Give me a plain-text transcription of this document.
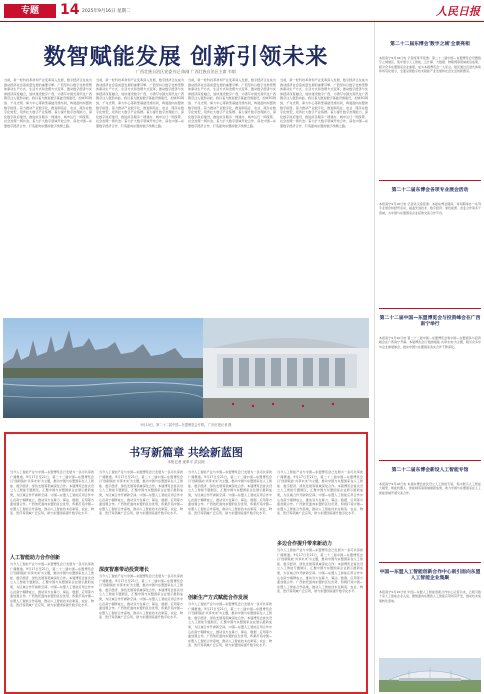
专题	14 2025年9月16日 星期二	人民日报
数智赋能发展 创新引领未来
广西壮族自治区党委书记 陈刚 广西壮族自治区主席 韦韬
当前，新一轮科技革命和产业变革深入发展，数字经济正在成为推动经济社会高质量发展的重要引擎。广西坚持以数字化转型整体驱动生产方式、生活方式和治理方式变革，推动数字经济与实体经济深度融合，加快建设数字广西，为谱写中国式现代化广西篇章注入强劲动能。我们着力推进数字基础设施建设，加快5G网络、千兆光网、算力中心等新型基础设施布局，构建面向东盟的数字枢纽。着力推动产业数字化，推进制造业、农业、服务业数字化转型，培育壮大数字产业集群。着力提升数字治理能力，深化数字政府建设，推进政务服务一网通办、城市运行一网统管、社会治理一网共治。着力扩大数字领域开放合作，深化中国—东盟数字经济合作，打造面向东盟的数字丝绸之路。
当前，新一轮科技革命和产业变革深入发展，数字经济正在成为推动经济社会高质量发展的重要引擎。广西坚持以数字化转型整体驱动生产方式、生活方式和治理方式变革，推动数字经济与实体经济深度融合，加快建设数字广西，为谱写中国式现代化广西篇章注入强劲动能。我们着力推进数字基础设施建设，加快5G网络、千兆光网、算力中心等新型基础设施布局，构建面向东盟的数字枢纽。着力推动产业数字化，推进制造业、农业、服务业数字化转型，培育壮大数字产业集群。着力提升数字治理能力，深化数字政府建设，推进政务服务一网通办、城市运行一网统管、社会治理一网共治。着力扩大数字领域开放合作，深化中国—东盟数字经济合作，打造面向东盟的数字丝绸之路。
当前，新一轮科技革命和产业变革深入发展，数字经济正在成为推动经济社会高质量发展的重要引擎。广西坚持以数字化转型整体驱动生产方式、生活方式和治理方式变革，推动数字经济与实体经济深度融合，加快建设数字广西，为谱写中国式现代化广西篇章注入强劲动能。我们着力推进数字基础设施建设，加快5G网络、千兆光网、算力中心等新型基础设施布局，构建面向东盟的数字枢纽。着力推动产业数字化，推进制造业、农业、服务业数字化转型，培育壮大数字产业集群。着力提升数字治理能力，深化数字政府建设，推进政务服务一网通办、城市运行一网统管、社会治理一网共治。着力扩大数字领域开放合作，深化中国—东盟数字经济合作，打造面向东盟的数字丝绸之路。
当前，新一轮科技革命和产业变革深入发展，数字经济正在成为推动经济社会高质量发展的重要引擎。广西坚持以数字化转型整体驱动生产方式、生活方式和治理方式变革，推动数字经济与实体经济深度融合，加快建设数字广西，为谱写中国式现代化广西篇章注入强劲动能。我们着力推进数字基础设施建设，加快5G网络、千兆光网、算力中心等新型基础设施布局，构建面向东盟的数字枢纽。着力推动产业数字化，推进制造业、农业、服务业数字化转型，培育壮大数字产业集群。着力提升数字治理能力，深化数字政府建设，推进政务服务一网通办、城市运行一网统管、社会治理一网共治。着力扩大数字领域开放合作，深化中国—东盟数字经济合作，打造面向东盟的数字丝绸之路。
9月14日，第二十二届中国—东盟博览会开幕。 广西日报记者 摄
书写新篇章 共绘新蓝图
本报记者 庞革平 武汉琼
当今人工智能产业与中国—东盟博览会已发展为一条可共享的广阔赛道。9月17日至21日，第二十二届中国—东盟博览会以'创新赋能·共享未来'为主题，推动中国与东盟国家在人工智能、数字经济、绿色发展等领域深化合作。本届博览会首次设立人工智能专题展区，汇聚中国与东盟国家企业展示最新成果，为区域合作开辟新空间。中国—东盟人工智能应用合作中心在南宁揭牌成立，推动双方在算力、算法、数据、应用等方面加强合作。广西依托面向东盟的区位优势，积极打造中国—东盟人工智能合作高地，推动人工智能技术在制造、农业、物流、医疗等领域广泛应用，助力东盟国家提升数字化水平。
人工智能助力合作创新
当今人工智能产业与中国—东盟博览会已发展为一条可共享的广阔赛道。9月17日至21日，第二十二届中国—东盟博览会以'创新赋能·共享未来'为主题，推动中国与东盟国家在人工智能、数字经济、绿色发展等领域深化合作。本届博览会首次设立人工智能专题展区，汇聚中国与东盟国家企业展示最新成果，为区域合作开辟新空间。中国—东盟人工智能应用合作中心在南宁揭牌成立，推动双方在算力、算法、数据、应用等方面加强合作。广西依托面向东盟的区位优势，积极打造中国—东盟人工智能合作高地，推动人工智能技术在制造、农业、物流、医疗等领域广泛应用，助力东盟国家提升数字化水平。
当今人工智能产业与中国—东盟博览会已发展为一条可共享的广阔赛道。9月17日至21日，第二十二届中国—东盟博览会以'创新赋能·共享未来'为主题，推动中国与东盟国家在人工智能、数字经济、绿色发展等领域深化合作。本届博览会首次设立人工智能专题展区，汇聚中国与东盟国家企业展示最新成果，为区域合作开辟新空间。中国—东盟人工智能应用合作中心在南宁揭牌成立，推动双方在算力、算法、数据、应用等方面加强合作。广西依托面向东盟的区位优势，积极打造中国—东盟人工智能合作高地，推动人工智能技术在制造、农业、物流、医疗等领域广泛应用，助力东盟国家提升数字化水平。
深度智惠带动投资增长
当今人工智能产业与中国—东盟博览会已发展为一条可共享的广阔赛道。9月17日至21日，第二十二届中国—东盟博览会以'创新赋能·共享未来'为主题，推动中国与东盟国家在人工智能、数字经济、绿色发展等领域深化合作。本届博览会首次设立人工智能专题展区，汇聚中国与东盟国家企业展示最新成果，为区域合作开辟新空间。中国—东盟人工智能应用合作中心在南宁揭牌成立，推动双方在算力、算法、数据、应用等方面加强合作。广西依托面向东盟的区位优势，积极打造中国—东盟人工智能合作高地，推动人工智能技术在制造、农业、物流、医疗等领域广泛应用，助力东盟国家提升数字化水平。
当今人工智能产业与中国—东盟博览会已发展为一条可共享的广阔赛道。9月17日至21日，第二十二届中国—东盟博览会以'创新赋能·共享未来'为主题，推动中国与东盟国家在人工智能、数字经济、绿色发展等领域深化合作。本届博览会首次设立人工智能专题展区，汇聚中国与东盟国家企业展示最新成果，为区域合作开辟新空间。中国—东盟人工智能应用合作中心在南宁揭牌成立，推动双方在算力、算法、数据、应用等方面加强合作。广西依托面向东盟的区位优势，积极打造中国—东盟人工智能合作高地，推动人工智能技术在制造、农业、物流、医疗等领域广泛应用，助力东盟国家提升数字化水平。
创新生产方式赋能合作发展
当今人工智能产业与中国—东盟博览会已发展为一条可共享的广阔赛道。9月17日至21日，第二十二届中国—东盟博览会以'创新赋能·共享未来'为主题，推动中国与东盟国家在人工智能、数字经济、绿色发展等领域深化合作。本届博览会首次设立人工智能专题展区，汇聚中国与东盟国家企业展示最新成果，为区域合作开辟新空间。中国—东盟人工智能应用合作中心在南宁揭牌成立，推动双方在算力、算法、数据、应用等方面加强合作。广西依托面向东盟的区位优势，积极打造中国—东盟人工智能合作高地，推动人工智能技术在制造、农业、物流、医疗等领域广泛应用，助力东盟国家提升数字化水平。
当今人工智能产业与中国—东盟博览会已发展为一条可共享的广阔赛道。9月17日至21日，第二十二届中国—东盟博览会以'创新赋能·共享未来'为主题，推动中国与东盟国家在人工智能、数字经济、绿色发展等领域深化合作。本届博览会首次设立人工智能专题展区，汇聚中国与东盟国家企业展示最新成果，为区域合作开辟新空间。中国—东盟人工智能应用合作中心在南宁揭牌成立，推动双方在算力、算法、数据、应用等方面加强合作。广西依托面向东盟的区位优势，积极打造中国—东盟人工智能合作高地，推动人工智能技术在制造、农业、物流、医疗等领域广泛应用，助力东盟国家提升数字化水平。
多边合作提升带来新动力
当今人工智能产业与中国—东盟博览会已发展为一条可共享的广阔赛道。9月17日至21日，第二十二届中国—东盟博览会以'创新赋能·共享未来'为主题，推动中国与东盟国家在人工智能、数字经济、绿色发展等领域深化合作。本届博览会首次设立人工智能专题展区，汇聚中国与东盟国家企业展示最新成果，为区域合作开辟新空间。中国—东盟人工智能应用合作中心在南宁揭牌成立，推动双方在算力、算法、数据、应用等方面加强合作。广西依托面向东盟的区位优势，积极打造中国—东盟人工智能合作高地，推动人工智能技术在制造、农业、物流、医疗等领域广泛应用，助力东盟国家提升数字化水平。
第二十二届东博会'数字之城'全景亮相
本报南宁9月16日电 记者庞革平报道：第二十二届中国—东盟博览会设置数字之城展区，集中展示人工智能、云计算、大数据、物联网等领域前沿成果，吸引众多东盟国家企业参展，成为本届博览会一大亮点。展区通过沉浸式体验和场景化展示，全面呈现数字技术赋能产业发展和社会生活的新图景。
第二十二届东博会各项专业展会活动
本报南宁9月16日电 记者武汉琼报道：本届东博会期间，将同期举办一系列专业展会和经贸活动，涵盖先进技术、数字经济、绿色能源、农业合作等多个领域，为中国与东盟国家企业搭建交流合作平台。
第二十二届中国—东盟博览会与投资峰会在广西南宁举行
本报南宁9月16日电 第二十二届中国—东盟博览会和中国—东盟商务与投资峰会在广西南宁开幕。本届博览会以'数智赋能·共享未来'为主题，吸引众多中外企业参展参会，推动中国与东盟国家务实合作不断深化。
第二十二届东博会新设人工智能专馆
本报南宁9月16日电 本届东博会首次设立人工智能专馆，集中展示人工智能大模型、智能机器人、智能制造等领域最新成果，助力中国与东盟国家在人工智能领域开展交流合作。
中国—东盟人工智能创新合作中心吸引面向东盟人工智能企业集聚
本报南宁9月16日电 中国—东盟人工智能创新合作中心运营以来，已吸引数十家人工智能企业入驻，聚焦面向东盟的人工智能应用场景开发，推动技术成果转化落地。
